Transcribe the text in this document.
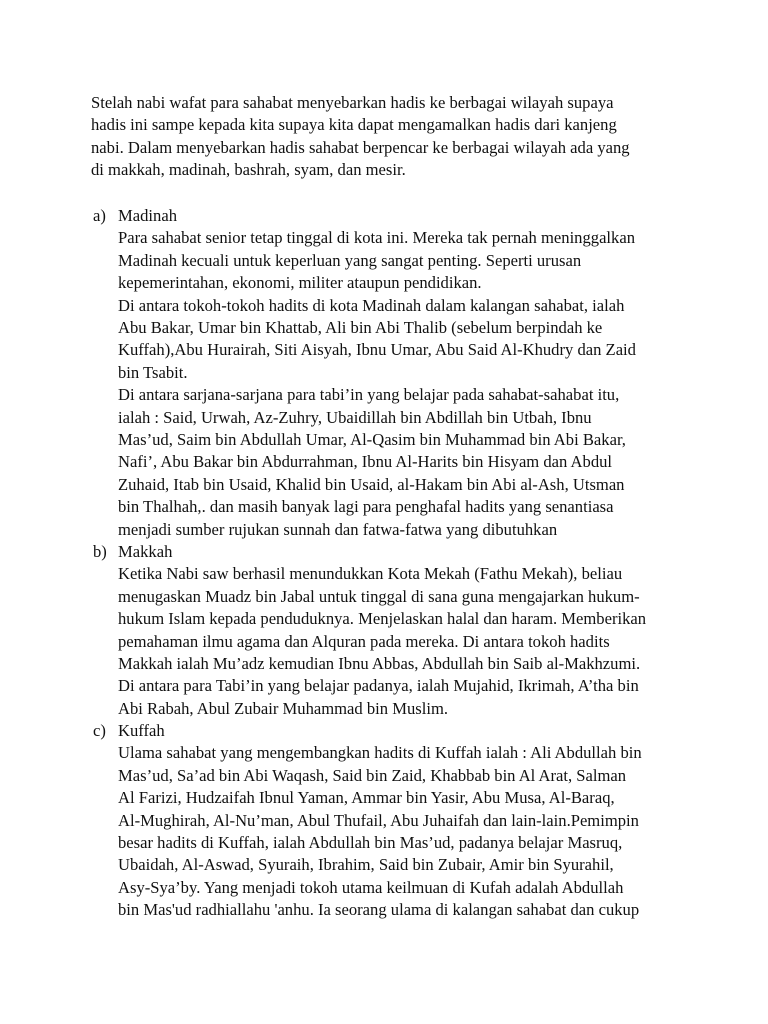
Stelah nabi wafat para sahabat menyebarkan hadis ke berbagai wilayah supaya
hadis ini sampe kepada kita supaya kita dapat mengamalkan hadis dari kanjeng
nabi. Dalam menyebarkan hadis sahabat berpencar ke berbagai wilayah ada yang
di makkah, madinah, bashrah, syam, dan mesir.
a) Madinah
Para sahabat senior tetap tinggal di kota ini. Mereka tak pernah meninggalkan
Madinah kecuali untuk keperluan yang sangat penting. Seperti urusan
kepemerintahan, ekonomi, militer ataupun pendidikan.
Di antara tokoh-tokoh hadits di kota Madinah dalam kalangan sahabat, ialah
Abu Bakar, Umar bin Khattab, Ali bin Abi Thalib (sebelum berpindah ke
Kuffah),Abu Hurairah, Siti Aisyah, Ibnu Umar, Abu Said Al-Khudry dan Zaid
bin Tsabit.
Di antara sarjana-sarjana para tabi’in yang belajar pada sahabat-sahabat itu,
ialah : Said, Urwah, Az-Zuhry, Ubaidillah bin Abdillah bin Utbah, Ibnu
Mas’ud, Saim bin Abdullah Umar, Al-Qasim bin Muhammad bin Abi Bakar,
Nafi’, Abu Bakar bin Abdurrahman, Ibnu Al-Harits bin Hisyam dan Abdul
Zuhaid, Itab bin Usaid, Khalid bin Usaid, al-Hakam bin Abi al-Ash, Utsman
bin Thalhah,. dan masih banyak lagi para penghafal hadits yang senantiasa
menjadi sumber rujukan sunnah dan fatwa-fatwa yang dibutuhkan
b) Makkah
Ketika Nabi saw berhasil menundukkan Kota Mekah (Fathu Mekah), beliau
menugaskan Muadz bin Jabal untuk tinggal di sana guna mengajarkan hukum-
hukum Islam kepada penduduknya. Menjelaskan halal dan haram. Memberikan
pemahaman ilmu agama dan Alquran pada mereka. Di antara tokoh hadits
Makkah ialah Mu’adz kemudian Ibnu Abbas, Abdullah bin Saib al-Makhzumi.
Di antara para Tabi’in yang belajar padanya, ialah Mujahid, Ikrimah, A’tha bin
Abi Rabah, Abul Zubair Muhammad bin Muslim.
c) Kuffah
Ulama sahabat yang mengembangkan hadits di Kuffah ialah : Ali Abdullah bin
Mas’ud, Sa’ad bin Abi Waqash, Said bin Zaid, Khabbab bin Al Arat, Salman
Al Farizi, Hudzaifah Ibnul Yaman, Ammar bin Yasir, Abu Musa, Al-Baraq,
Al-Mughirah, Al-Nu’man, Abul Thufail, Abu Juhaifah dan lain-lain.Pemimpin
besar hadits di Kuffah, ialah Abdullah bin Mas’ud, padanya belajar Masruq,
Ubaidah, Al-Aswad, Syuraih, Ibrahim, Said bin Zubair, Amir bin Syurahil,
Asy-Sya’by. Yang menjadi tokoh utama keilmuan di Kufah adalah Abdullah
bin Mas'ud radhiallahu 'anhu. Ia seorang ulama di kalangan sahabat dan cukup
